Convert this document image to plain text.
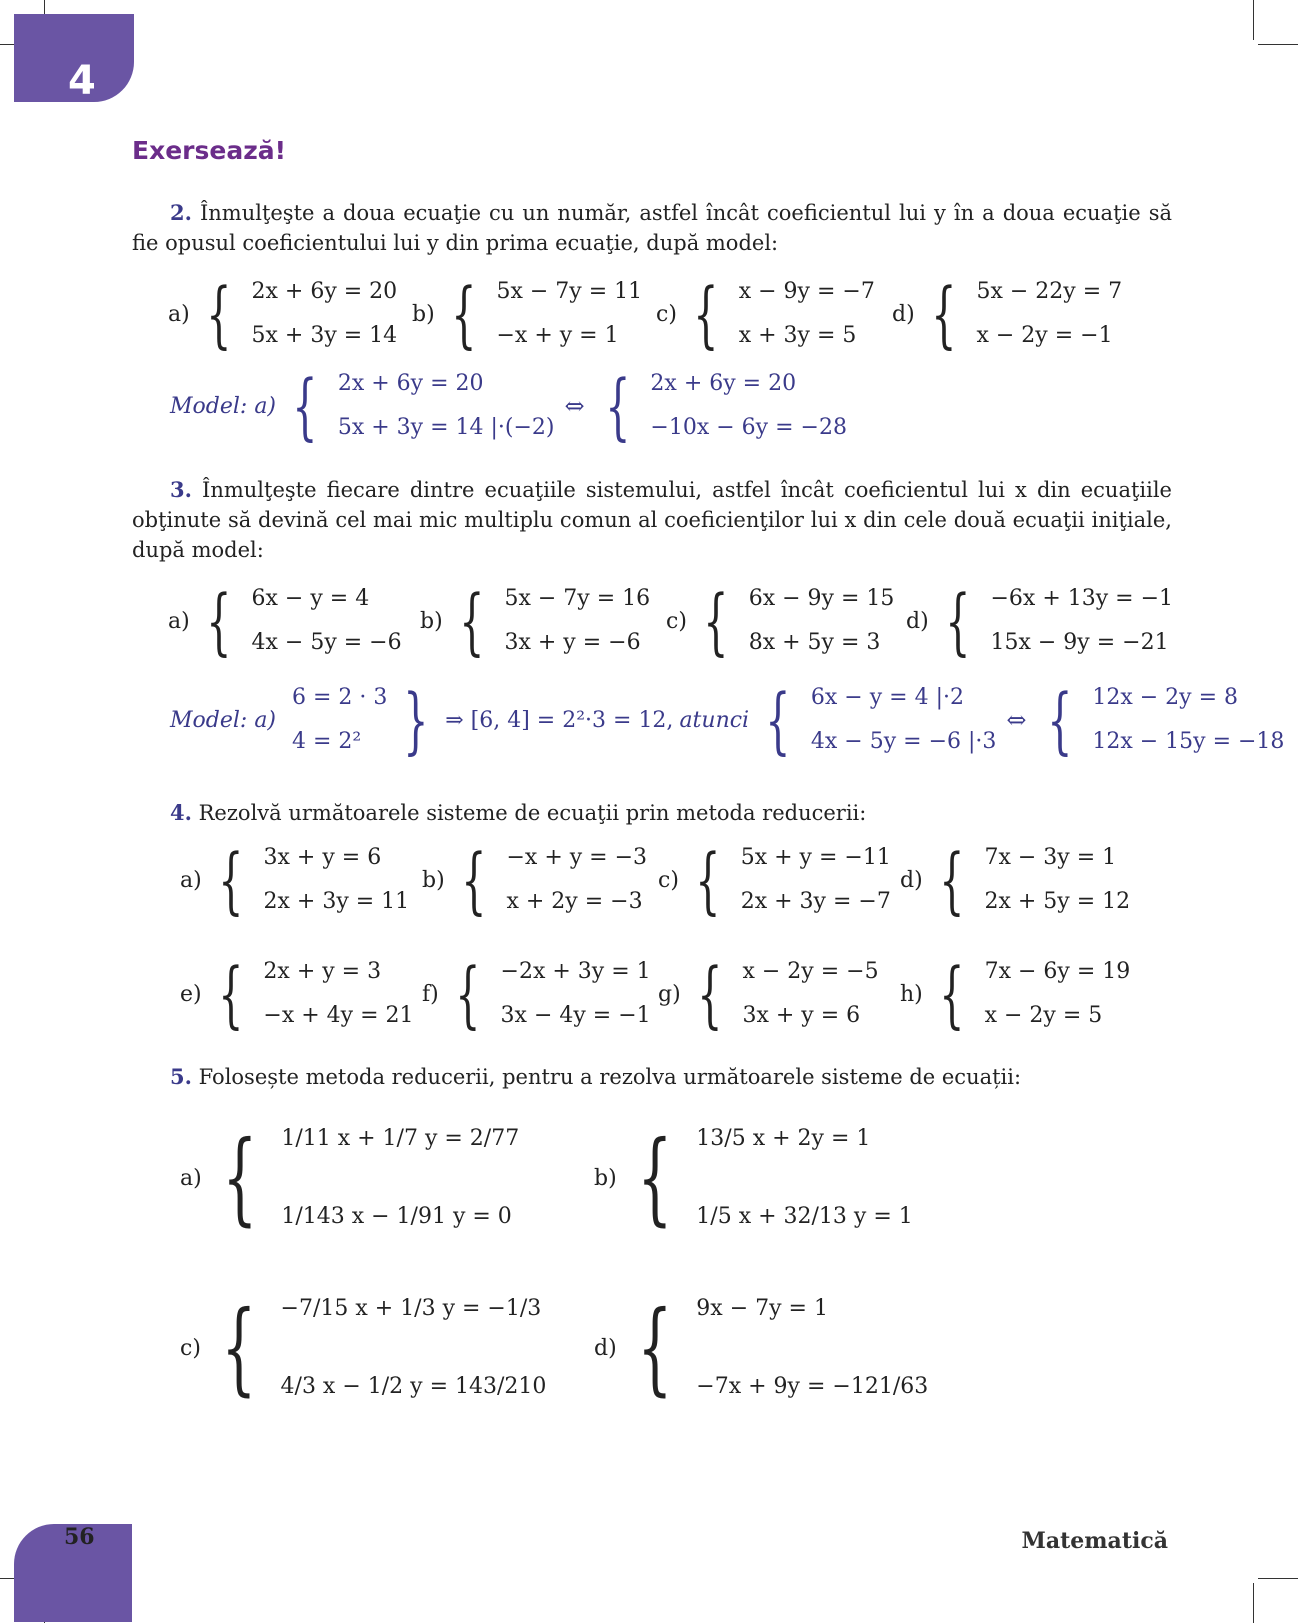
4
Exersează!
2. Înmulţeşte a doua ecuaţie cu un număr, astfel încât coeficientul lui y în a doua ecuaţie să fie opusul coeficientului lui y din prima ecuaţie, după model:
a) { 2x + 6y = 20
5x + 3y = 14
b) { 5x − 7y = 11
−x + y = 1
c) { x − 9y = −7
x + 3y = 5
d) { 5x − 22y = 7
x − 2y = −1
Model: a) { 2x + 6y = 20
5x + 3y = 14 |·(−2)
⇔ { 2x + 6y = 20
−10x − 6y = −28
3. Înmulţeşte fiecare dintre ecuaţiile sistemului, astfel încât coeficientul lui x din ecuaţiile obţinute să devină cel mai mic multiplu comun al coeficienţilor lui x din cele două ecuaţii iniţiale, după model:
a) { 6x − y = 4
4x − 5y = −6
b) { 5x − 7y = 16
3x + y = −6
c) { 6x − 9y = 15
8x + 5y = 3
d) { −6x + 13y = −1
15x − 9y = −21
Model: a)
6 = 2 · 3
4 = 2² } ⇒ [6, 4] = 2²·3 = 12, atunci { 6x − y = 4 |·2
4x − 5y = −6 |·3
⇔ { 12x − 2y = 8
12x − 15y = −18
4. Rezolvă următoarele sisteme de ecuaţii prin metoda reducerii:
a) { 3x + y = 6
2x + 3y = 11
b) { −x + y = −3
x + 2y = −3
c) { 5x + y = −11
2x + 3y = −7
d) { 7x − 3y = 1
2x + 5y = 12
e) { 2x + y = 3
−x + 4y = 21
f) { −2x + 3y = 1
3x − 4y = −1
g) { x − 2y = −5
3x + y = 6
h) { 7x − 6y = 19
x − 2y = 5
5. Folosește metoda reducerii, pentru a rezolva următoarele sisteme de ecuații:
a) { 1/11 x + 1/7 y = 2/77
1/143 x − 1/91 y = 0
b) { 13/5 x + 2y = 1
1/5 x + 32/13 y = 1
c) { −7/15 x + 1/3 y = −1/3
4/3 x − 1/2 y = 143/210
d) { 9x − 7y = 1
−7x + 9y = −121/63
56	Matematică
